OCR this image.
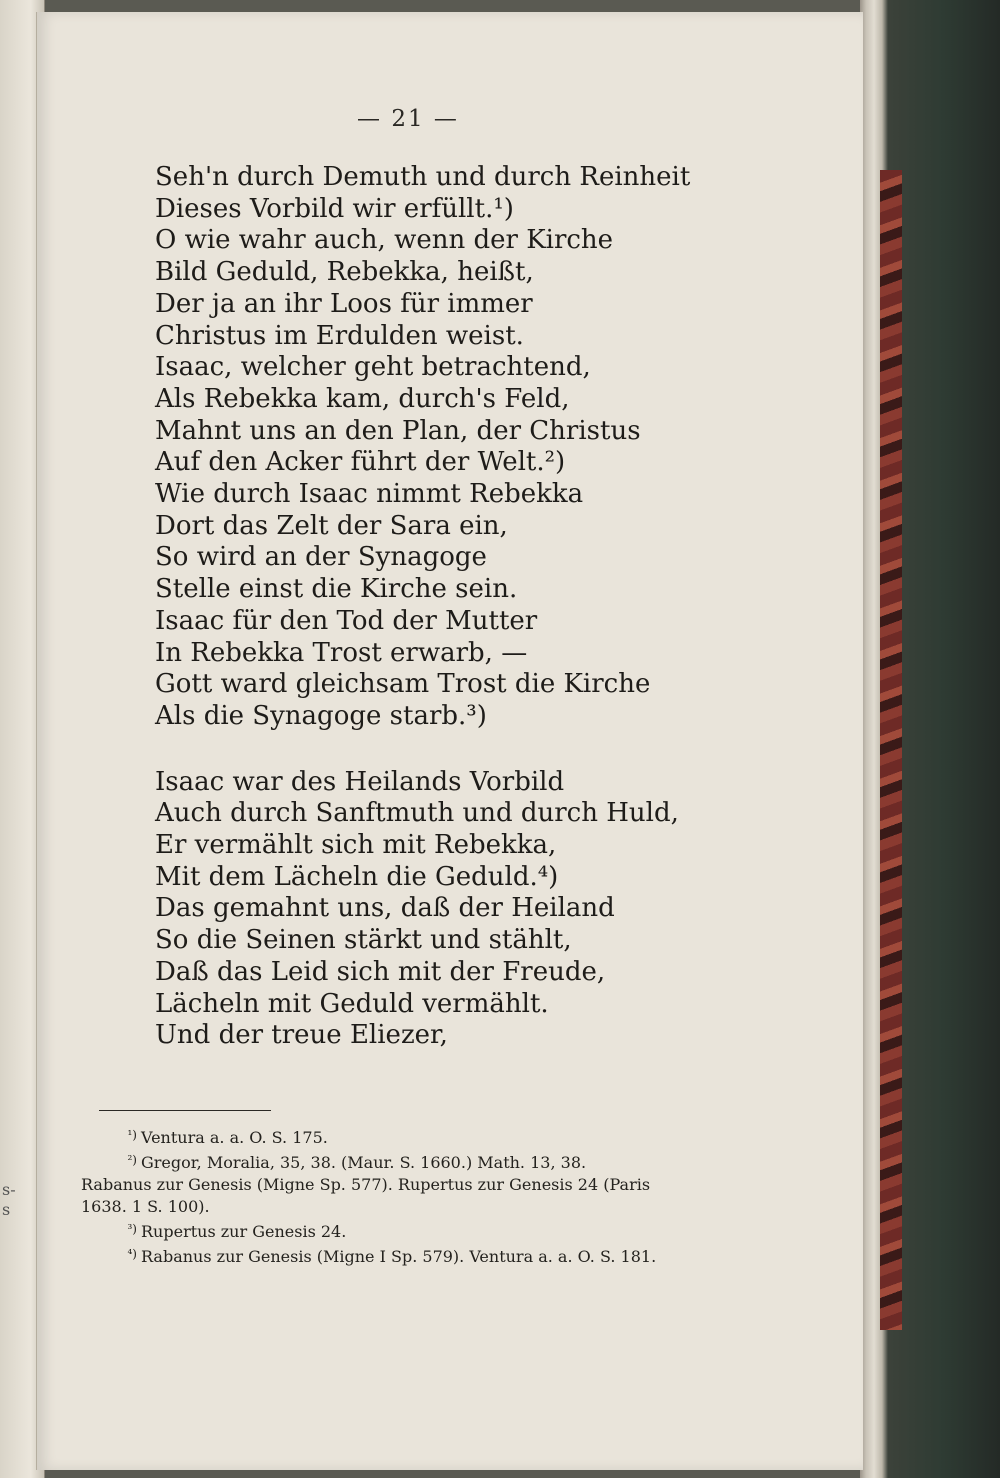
s-
s
— 21 —
Seh'n durch Demuth und durch Reinheit
Dieses Vorbild wir erfüllt.¹)
O wie wahr auch, wenn der Kirche
Bild Geduld, Rebekka, heißt,
Der ja an ihr Loos für immer
Christus im Erdulden weist.
Isaac, welcher geht betrachtend,
Als Rebekka kam, durch's Feld,
Mahnt uns an den Plan, der Christus
Auf den Acker führt der Welt.²)
Wie durch Isaac nimmt Rebekka
Dort das Zelt der Sara ein,
So wird an der Synagoge
Stelle einst die Kirche sein.
Isaac für den Tod der Mutter
In Rebekka Trost erwarb, —
Gott ward gleichsam Trost die Kirche
Als die Synagoge starb.³)
Isaac war des Heilands Vorbild
Auch durch Sanftmuth und durch Huld,
Er vermählt sich mit Rebekka,
Mit dem Lächeln die Geduld.⁴)
Das gemahnt uns, daß der Heiland
So die Seinen stärkt und stählt,
Daß das Leid sich mit der Freude,
Lächeln mit Geduld vermählt.
Und der treue Eliezer,
¹) Ventura a. a. O. S. 175.
²) Gregor, Moralia, 35, 38. (Maur. S. 1660.) Math. 13, 38.
Rabanus zur Genesis (Migne Sp. 577). Rupertus zur Genesis 24 (Paris
1638. 1 S. 100).
³) Rupertus zur Genesis 24.
⁴) Rabanus zur Genesis (Migne I Sp. 579). Ventura a. a. O. S. 181.
